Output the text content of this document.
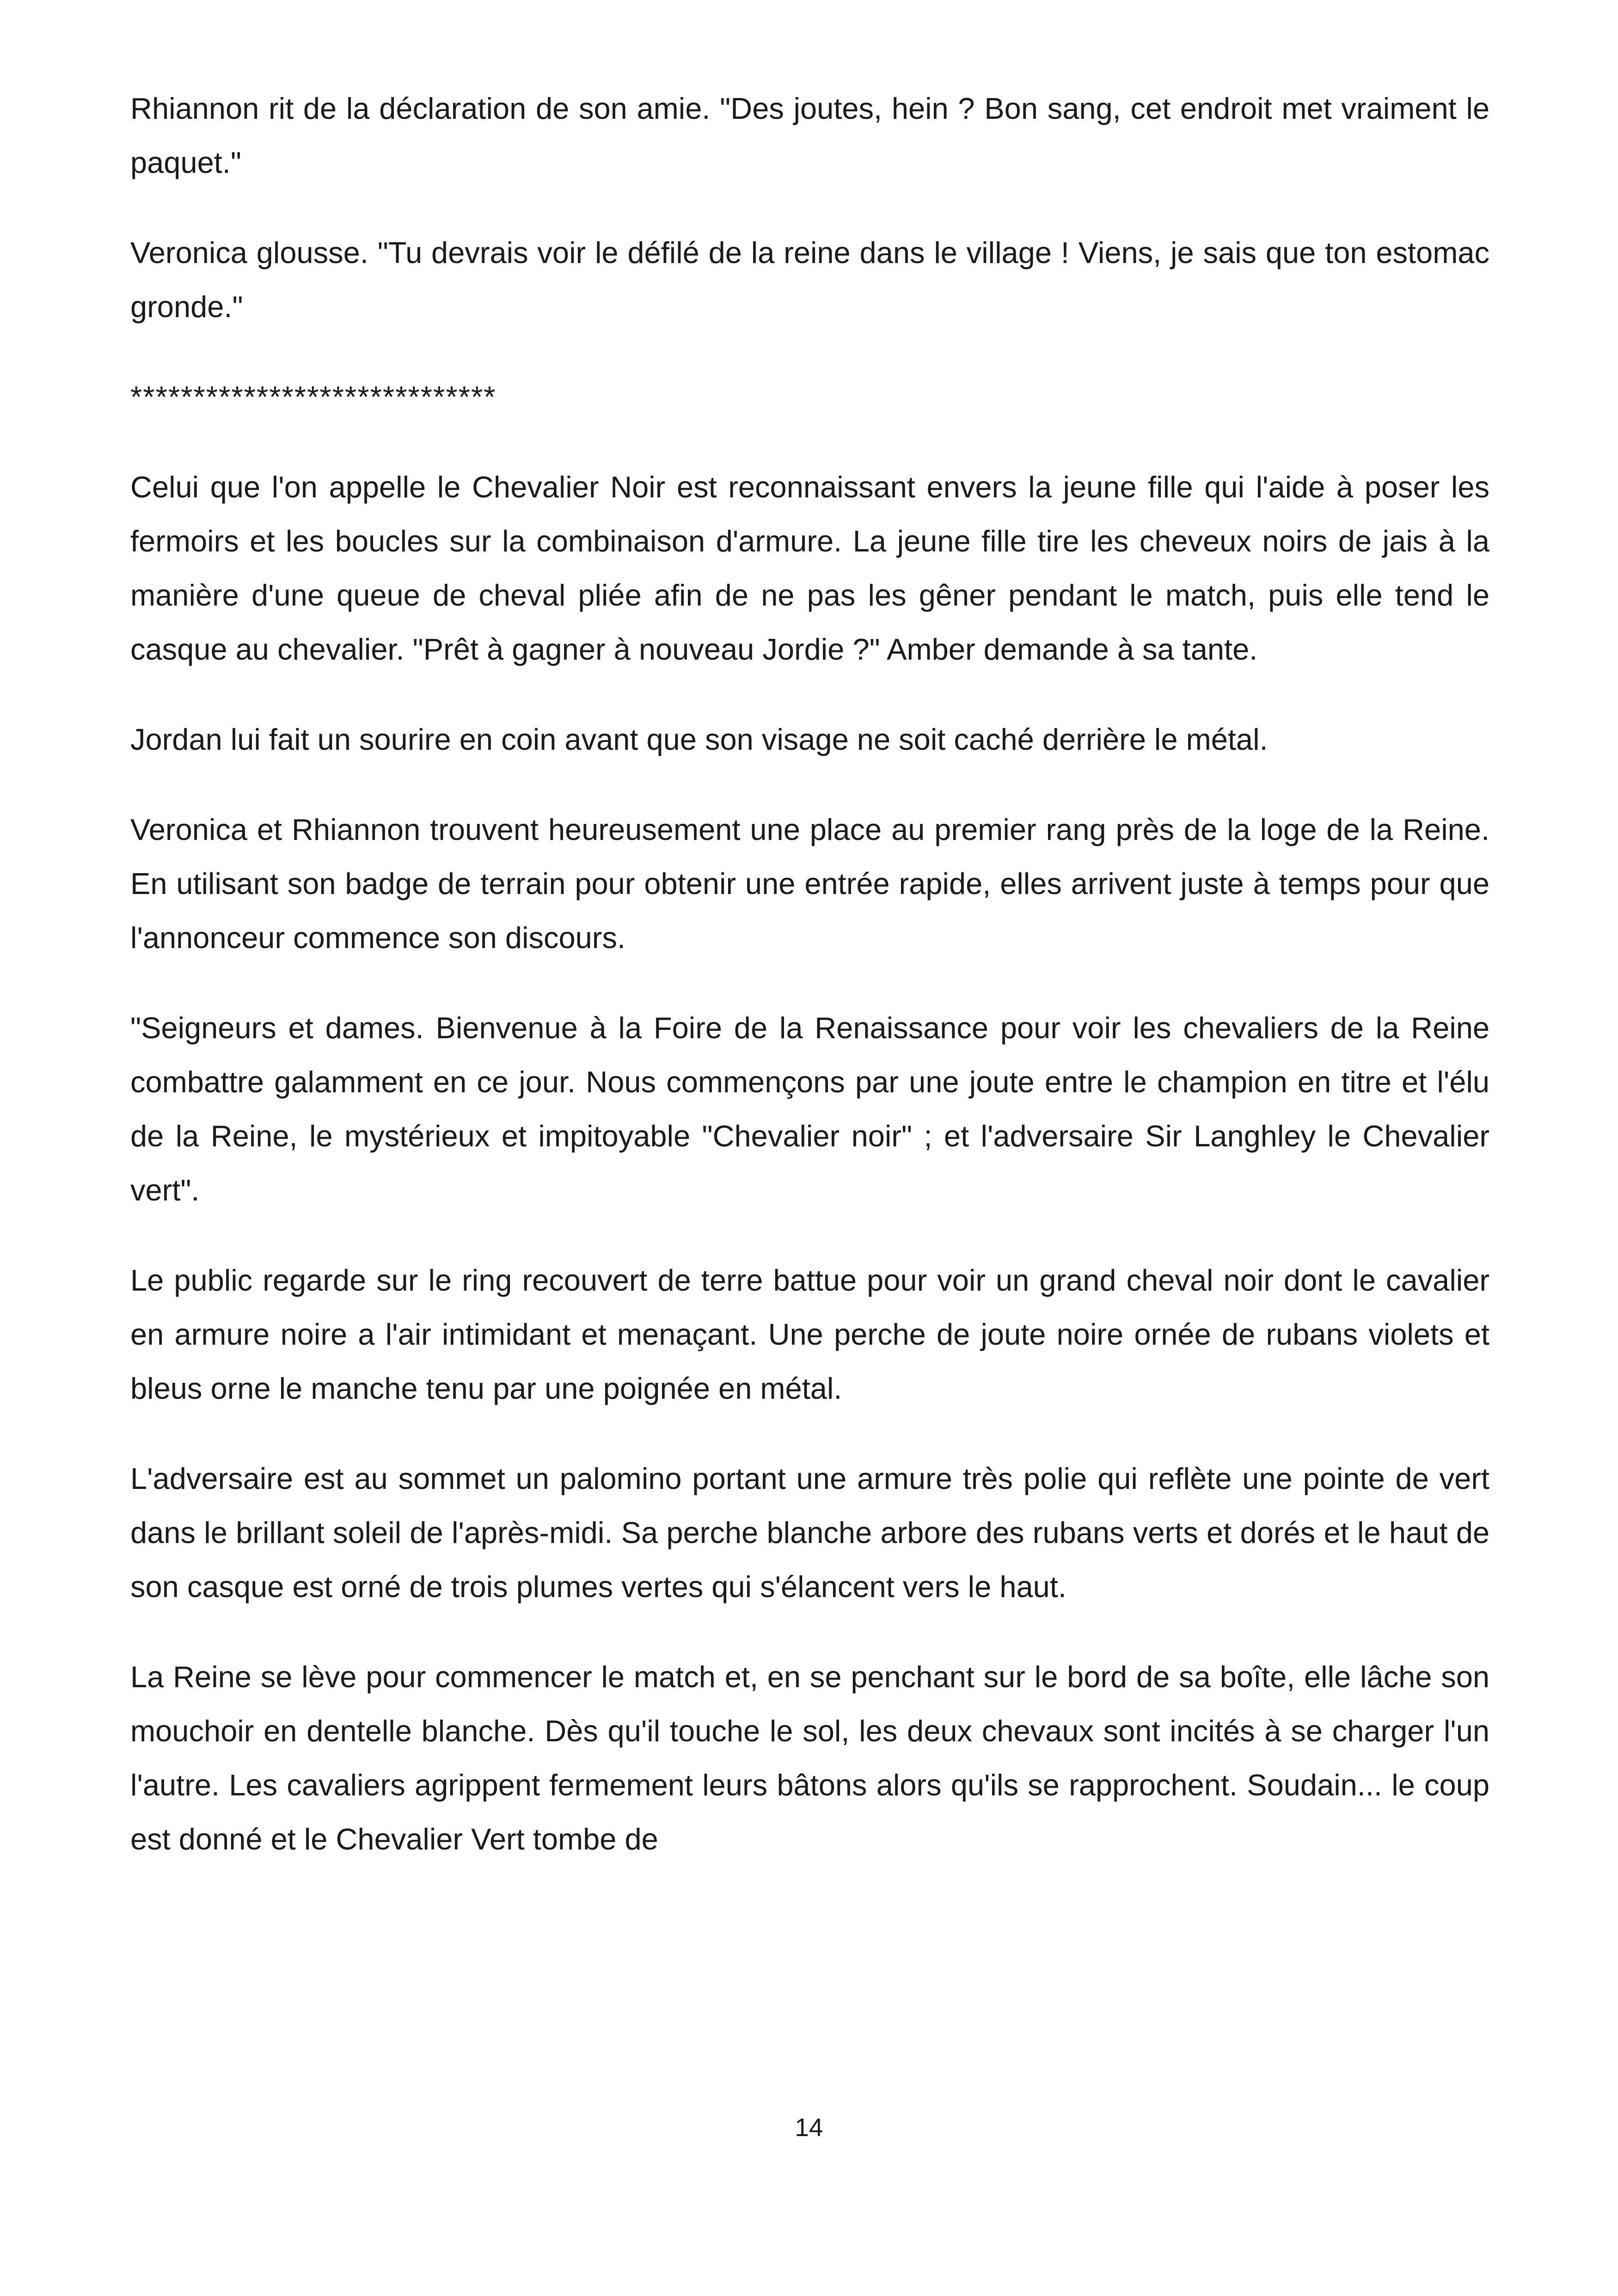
Rhiannon rit de la déclaration de son amie. "Des joutes, hein ? Bon sang, cet endroit met vraiment le paquet."

Veronica glousse. "Tu devrais voir le défilé de la reine dans le village ! Viens, je sais que ton estomac gronde."

*****************************

Celui que l'on appelle le Chevalier Noir est reconnaissant envers la jeune fille qui l'aide à poser les fermoirs et les boucles sur la combinaison d'armure. La jeune fille tire les cheveux noirs de jais à la manière d'une queue de cheval pliée afin de ne pas les gêner pendant le match, puis elle tend le casque au chevalier. "Prêt à gagner à nouveau Jordie ?" Amber demande à sa tante.

Jordan lui fait un sourire en coin avant que son visage ne soit caché derrière le métal.

Veronica et Rhiannon trouvent heureusement une place au premier rang près de la loge de la Reine. En utilisant son badge de terrain pour obtenir une entrée rapide, elles arrivent juste à temps pour que l'annonceur commence son discours.

"Seigneurs et dames. Bienvenue à la Foire de la Renaissance pour voir les chevaliers de la Reine combattre galamment en ce jour. Nous commençons par une joute entre le champion en titre et l'élu de la Reine, le mystérieux et impitoyable "Chevalier noir" ; et l'adversaire Sir Langhley le Chevalier vert".

Le public regarde sur le ring recouvert de terre battue pour voir un grand cheval noir dont le cavalier en armure noire a l'air intimidant et menaçant. Une perche de joute noire ornée de rubans violets et bleus orne le manche tenu par une poignée en métal.

L'adversaire est au sommet un palomino portant une armure très polie qui reflète une pointe de vert dans le brillant soleil de l'après-midi. Sa perche blanche arbore des rubans verts et dorés et le haut de son casque est orné de trois plumes vertes qui s'élancent vers le haut.

La Reine se lève pour commencer le match et, en se penchant sur le bord de sa boîte, elle lâche son mouchoir en dentelle blanche. Dès qu'il touche le sol, les deux chevaux sont incités à se charger l'un l'autre. Les cavaliers agrippent fermement leurs bâtons alors qu'ils se rapprochent. Soudain... le coup est donné et le Chevalier Vert tombe de

14
